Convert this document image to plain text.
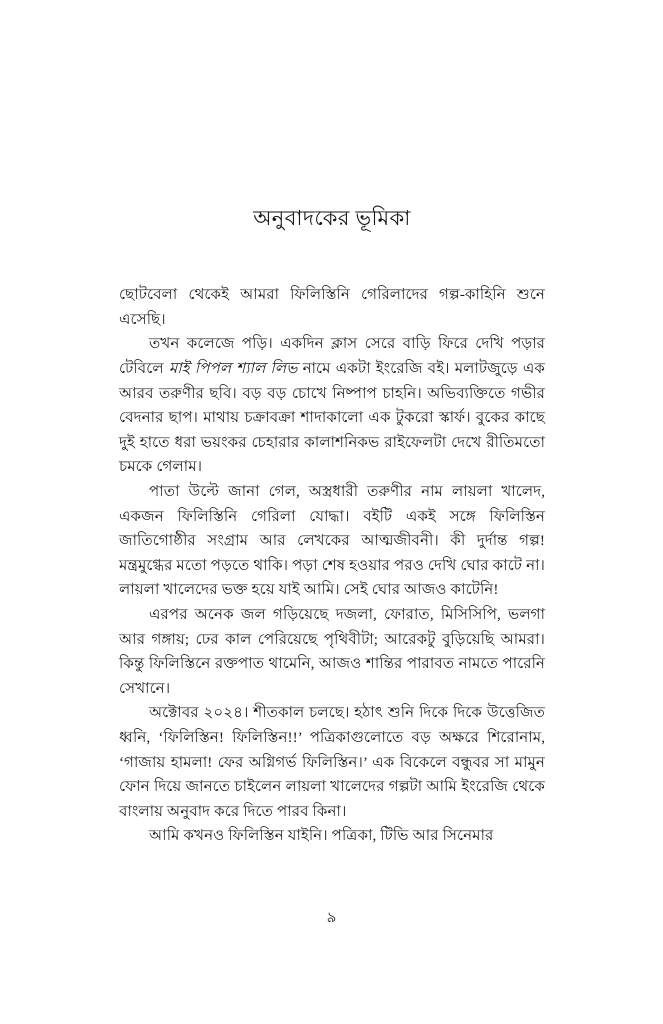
অনুবাদকের ভূমিকা

ছোটবেলা থেকেই আমরা ফিলিস্তিনি গেরিলাদের গল্প-কাহিনি শুনে এসেছি।

তখন কলেজে পড়ি। একদিন ক্লাস সেরে বাড়ি ফিরে দেখি পড়ার টেবিলে মাই পিপল শ্যাল লিভ নামে একটা ইংরেজি বই। মলাটজুড়ে এক আরব তরুণীর ছবি। বড় বড় চোখে নিষ্পাপ চাহনি। অভিব্যক্তিতে গভীর বেদনার ছাপ। মাথায় চক্রাবক্রা শাদাকালো এক টুকরো স্কার্ফ। বুকের কাছে দুই হাতে ধরা ভয়ংকর চেহারার কালাশনিকভ রাইফেলটা দেখে রীতিমতো চমকে গেলাম।

পাতা উল্টে জানা গেল, অস্ত্রধারী তরুণীর নাম লায়লা খালেদ, একজন ফিলিস্তিনি গেরিলা যোদ্ধা। বইটি একই সঙ্গে ফিলিস্তিন জাতিগোষ্ঠীর সংগ্রাম আর লেখকের আত্মজীবনী। কী দুর্দান্ত গল্প! মন্ত্রমুগ্ধের মতো পড়তে থাকি। পড়া শেষ হওয়ার পরও দেখি ঘোর কাটে না। লায়লা খালেদের ভক্ত হয়ে যাই আমি। সেই ঘোর আজও কাটেনি!

এরপর অনেক জল গড়িয়েছে দজলা, ফোরাত, মিসিসিপি, ভলগা আর গঙ্গায়; ঢের কাল পেরিয়েছে পৃথিবীটা; আরেকটু বুড়িয়েছি আমরা। কিন্তু ফিলিস্তিনে রক্তপাত থামেনি, আজও শান্তির পারাবত নামতে পারেনি সেখানে।

অক্টোবর ২০২৪। শীতকাল চলছে। হঠাৎ শুনি দিকে দিকে উত্তেজিত ধ্বনি, ‘ফিলিস্তিন! ফিলিস্তিন!!’ পত্রিকাগুলোতে বড় অক্ষরে শিরোনাম, ‘গাজায় হামলা! ফের অগ্নিগর্ভ ফিলিস্তিন।’ এক বিকেলে বন্ধুবর সা মামুন ফোন দিয়ে জানতে চাইলেন লায়লা খালেদের গল্পটা আমি ইংরেজি থেকে বাংলায় অনুবাদ করে দিতে পারব কিনা।

আমি কখনও ফিলিস্তিন যাইনি। পত্রিকা, টিভি আর সিনেমার

৯
